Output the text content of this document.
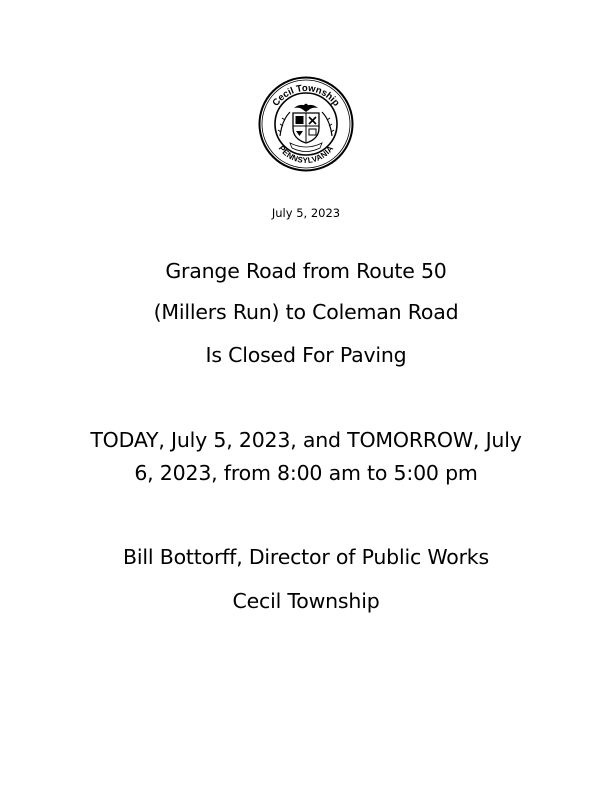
Cecil Township
PENNSYLVANIA
July 5, 2023
Grange Road from Route 50
(Millers Run) to Coleman Road
Is Closed For Paving
TODAY, July 5, 2023, and TOMORROW, July
6, 2023, from 8:00 am to 5:00 pm
Bill Bottorff, Director of Public Works
Cecil Township
